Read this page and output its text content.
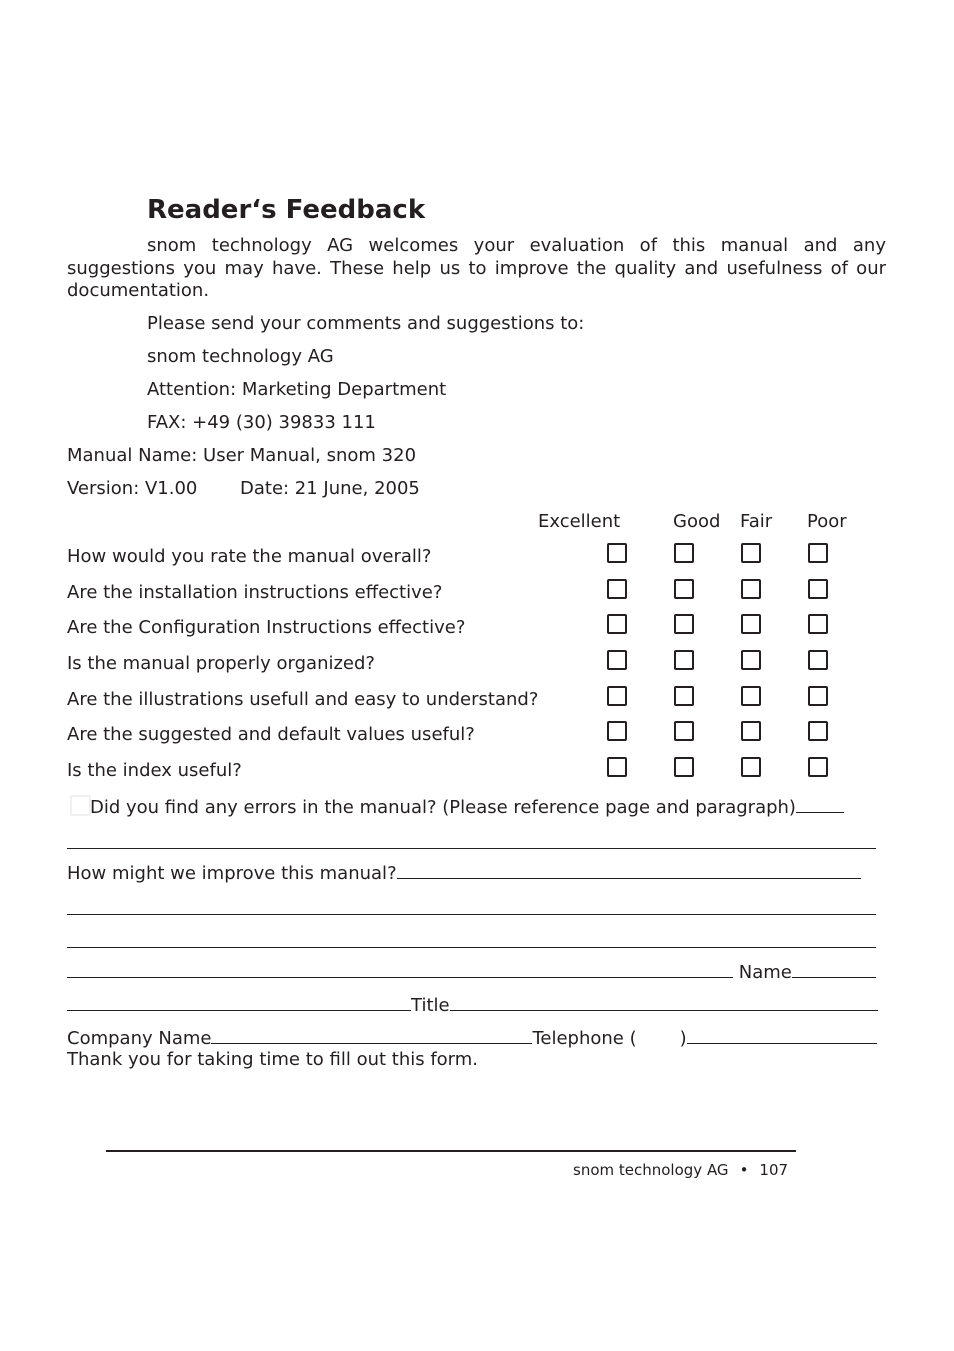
Reader‘s Feedback

snom technology AG welcomes your evaluation of this manual and any suggestions you may have. These help us to improve the quality and usefulness of our documentation.

Please send your comments and suggestions to:
snom technology AG
Attention: Marketing Department
FAX: +49 (30) 39833 111
Manual Name: User Manual, snom 320
Version: V1.00 Date: 21 June, 2005
Excellent	Good Fair Poor
How would you rate the manual overall?
Are the installation instructions effective?
Are the Configuration Instructions effective?
Is the manual properly organized?
Are the illustrations usefull and easy to understand?
Are the suggested and default values useful?
Is the index useful?
Did you find any errors in the manual? (Please reference page and paragraph)
How might we improve this manual?
Name
Title
Company Name	Telephone ( )
Thank you for taking time to fill out this form.
snom technology AG • 107
